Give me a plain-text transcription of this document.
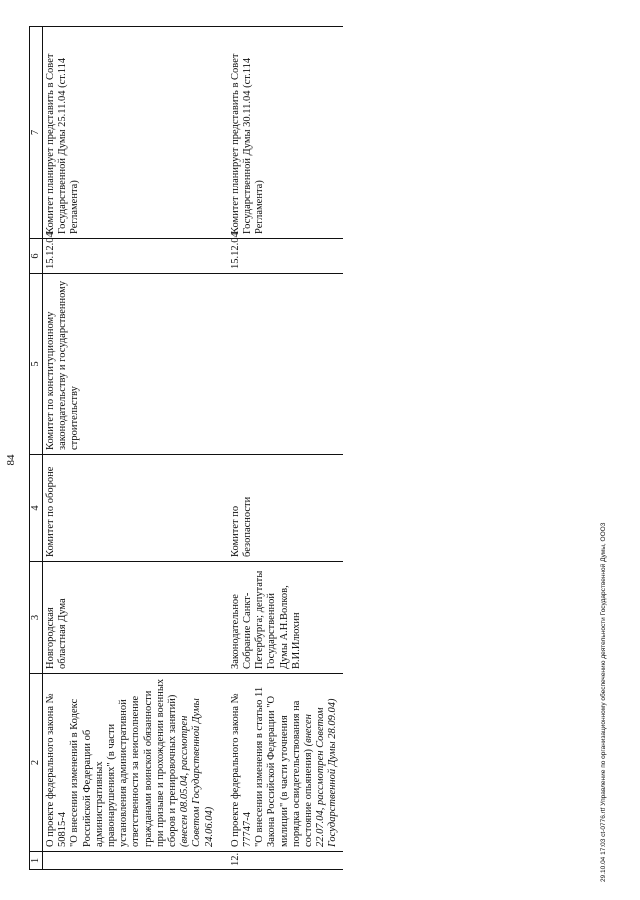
84
1	2	3	4	5	6	7

	О проекте федерального закона № 50815-4 "О внесении изменений в Кодекс Российской Федерации об административных правонарушениях" (в части установления административной ответственности за неисполнение гражданами воинской обязанности при призыве и прохождении военных сборов и тренировочных занятий) (внесен 08.05.04, рассмотрен Советом Государственной Думы 24.06.04)	Новгородская областная Дума	Комитет по обороне	Комитет по конституционному законодательству и государственному строительству	15.12.04	Комитет планирует представить в Совет Государственной Думы 25.11.04 (ст.114 Регламента)
12.	О проекте федерального закона № 77747-4 "О внесении изменения в статью 11 Закона Российской Федерации "О милиции" (в части уточнения порядка освидетельствования на состояние опьянения) (внесен 22.07.04, рассмотрен Советом Государственной Думы 28.09.04)	Законодательное Собрание Санкт-Петербурга; депутаты Государственной Думы А.Н.Волков, В.И.Илюхин	Комитет по безопасности		15.12.04	Комитет планирует представить в Совет Государственной Думы 30.11.04 (ст.114 Регламента)
29.10.04 17:03 ct-0776.rtf Управление по организационному обеспечению деятельности Государственной Думы, ООО3
